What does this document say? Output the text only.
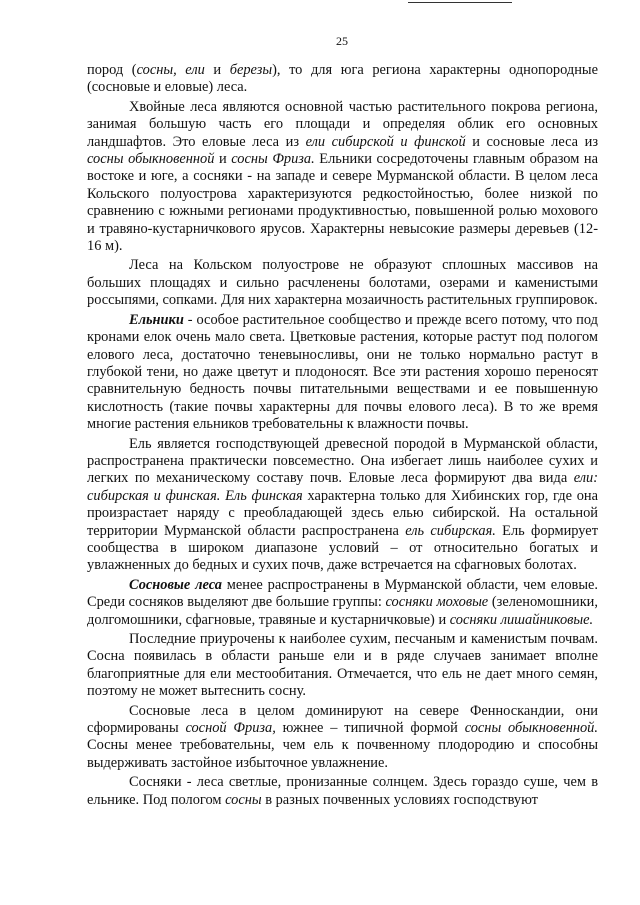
25

пород (сосны, ели и березы), то для юга региона характерны однопородные (сосновые и еловые) леса.

Хвойные леса являются основной частью растительного покрова региона, занимая большую часть его площади и определяя облик его основных ландшафтов. Это еловые леса из ели сибирской и финской и сосновые леса из сосны обыкновенной и сосны Фриза. Ельники сосредоточены главным образом на востоке и юге, а сосняки - на западе и севере Мурманской области. В целом леса Кольского полуострова характеризуются редкостойностью, более низкой по сравнению с южными регионами продуктивностью, повышенной ролью мохового и травяно-кустарничкового ярусов. Характерны невысокие размеры деревьев (12-16 м).

Леса на Кольском полуострове не образуют сплошных массивов на больших площадях и сильно расчленены болотами, озерами и каменистыми россыпями, сопками. Для них характерна мозаичность растительных группировок.

Ельники - особое растительное сообщество и прежде всего потому, что под кронами елок очень мало света. Цветковые растения, которые растут под пологом елового леса, достаточно теневыносливы, они не только нормально растут в глубокой тени, но даже цветут и плодоносят. Все эти растения хорошо переносят сравнительную бедность почвы питательными веществами и ее повышенную кислотность (такие почвы характерны для почвы елового леса). В то же время многие растения ельников требовательны к влажности почвы.

Ель является господствующей древесной породой в Мурманской области, распространена практически повсеместно. Она избегает лишь наиболее сухих и легких по механическому составу почв. Еловые леса формируют два вида ели: сибирская и финская. Ель финская характерна только для Хибинских гор, где она произрастает наряду с преобладающей здесь елью сибирской. На остальной территории Мурманской области распространена ель сибирская. Ель формирует сообщества в широком диапазоне условий – от относительно богатых и увлажненных до бедных и сухих почв, даже встречается на сфагновых болотах.

Сосновые леса менее распространены в Мурманской области, чем еловые. Среди сосняков выделяют две большие группы: сосняки моховые (зеленомошники, долгомошники, сфагновые, травяные и кустарничковые) и сосняки лишайниковые.

Последние приурочены к наиболее сухим, песчаным и каменистым почвам. Сосна появилась в области раньше ели и в ряде случаев занимает вполне благоприятные для ели местообитания. Отмечается, что ель не дает много семян, поэтому не может вытеснить сосну.

Сосновые леса в целом доминируют на севере Фенноскандии, они сформированы сосной Фриза, южнее – типичной формой сосны обыкновенной. Сосны менее требовательны, чем ель к почвенному плодородию и способны выдерживать застойное избыточное увлажнение.

Сосняки - леса светлые, пронизанные солнцем. Здесь гораздо суше, чем в ельнике. Под пологом сосны в разных почвенных условиях господствуют
